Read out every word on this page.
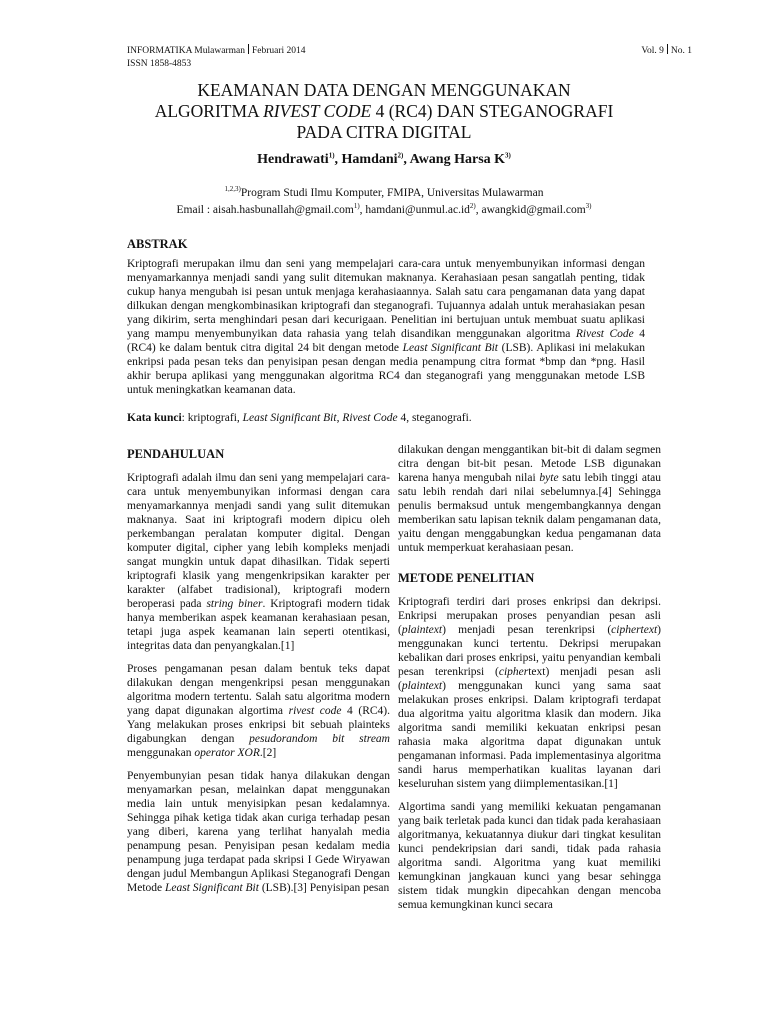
INFORMATIKA Mulawarman Februari 2014
ISSN 1858-4853
Vol. 9 No. 1
KEAMANAN DATA DENGAN MENGGUNAKAN
ALGORITMA RIVEST CODE 4 (RC4) DAN STEGANOGRAFI
PADA CITRA DIGITAL
Hendrawati$^{1)}$, Hamdani$^{2)}$, Awang Harsa $K^{3)}$
$^{1,2,3)}$Program Studi Ilmu Komputer, FMIPA, Universitas Mulawarman
Email : aisah.hasbunallah@gmail.com$^{1)}$, $hamdani@unmul.ac.id^{2)}$, awangkid@gmail.com$^{3)}$
ABSTRAK
Kriptografi merupakan ilmu dan seni yang mempelajari cara-cara untuk menyembunyikan informasi dengan menyamarkannya menjadi sandi yang sulit ditemukan maknanya. Kerahasiaan pesan sangatlah penting, tidak cukup hanya mengubah isi pesan untuk menjaga kerahasiaannya. Salah satu cara pengamanan data yang dapat dilkukan dengan mengkombinasikan kriptografi dan steganografi. Tujuannya adalah untuk merahasiakan pesan yang dikirim, serta menghindari pesan dari kecurigaan. Penelitian ini bertujuan untuk membuat suatu aplikasi yang mampu menyembunyikan data rahasia yang telah disandikan menggunakan algoritma Rivest Code 4 (RC4) ke dalam bentuk citra digital 24 bit dengan metode Least Significant Bit (LSB). Aplikasi ini melakukan enkripsi pada pesan teks dan penyisipan pesan dengan media penampung citra format *bmp dan *png. Hasil akhir berupa aplikasi yang menggunakan algoritma RC4 dan steganografi yang menggunakan metode LSB untuk meningkatkan keamanan data.
Kata kunci: kriptografi, Least Significant Bit, Rivest Code 4, steganografi.
PENDAHULUAN

Kriptografi adalah ilmu dan seni yang mempelajari cara-cara untuk menyembunyikan informasi dengan cara menyamarkannya menjadi sandi yang sulit ditemukan maknanya. Saat ini kriptografi modern dipicu oleh perkembangan peralatan komputer digital. Dengan komputer digital, cipher yang lebih kompleks menjadi sangat mungkin untuk dapat dihasilkan. Tidak seperti kriptografi klasik yang mengenkripsikan karakter per karakter (alfabet tradisional), kriptografi modern beroperasi pada string biner. Kriptografi modern tidak hanya memberikan aspek keamanan kerahasiaan pesan, tetapi juga aspek keamanan lain seperti otentikasi, integritas data dan penyangkalan.[1]

Proses pengamanan pesan dalam bentuk teks dapat dilakukan dengan mengenkripsi pesan menggunakan algoritma modern tertentu. Salah satu algoritma modern yang dapat digunakan algortima rivest code 4 (RC4). Yang melakukan proses enkripsi bit sebuah plainteks digabungkan dengan pesudorandom bit stream menggunakan operator XOR.[2]

Penyembunyian pesan tidak hanya dilakukan dengan menyamarkan pesan, melainkan dapat menggunakan media lain untuk menyisipkan pesan kedalamnya. Sehingga pihak ketiga tidak akan curiga terhadap pesan yang diberi, karena yang terlihat hanyalah media penampung pesan. Penyisipan pesan kedalam media penampung juga terdapat pada skripsi I Gede Wiryawan dengan judul Membangun Aplikasi Steganografi Dengan Metode Least Significant Bit (LSB).[3] Penyisipan pesan

dilakukan dengan menggantikan bit-bit di dalam segmen citra dengan bit-bit pesan. Metode LSB digunakan karena hanya mengubah nilai byte satu lebih tinggi atau satu lebih rendah dari nilai sebelumnya.[4] Sehingga penulis bermaksud untuk mengembangkannya dengan memberikan satu lapisan teknik dalam pengamanan data, yaitu dengan menggabungkan kedua pengamanan data untuk memperkuat kerahasiaan pesan.

METODE PENELITIAN

Kriptografi terdiri dari proses enkripsi dan dekripsi. Enkripsi merupakan proses penyandian pesan asli (plaintext) menjadi pesan terenkripsi (ciphertext) menggunakan kunci tertentu. Dekripsi merupakan kebalikan dari proses enkripsi, yaitu penyandian kembali pesan terenkripsi (ciphertext) menjadi pesan asli (plaintext) menggunakan kunci yang sama saat melakukan proses enkripsi. Dalam kriptografi terdapat dua algoritma yaitu algoritma klasik dan modern. Jika algoritma sandi memiliki kekuatan enkripsi pesan rahasia maka algoritma dapat digunakan untuk pengamanan informasi. Pada implementasinya algoritma sandi harus memperhatikan kualitas layanan dari keseluruhan sistem yang diimplementasikan.[1]

Algortima sandi yang memiliki kekuatan pengamanan yang baik terletak pada kunci dan tidak pada kerahasiaan algoritmanya, kekuatannya diukur dari tingkat kesulitan kunci pendekripsian dari sandi, tidak pada rahasia algoritma sandi. Algoritma yang kuat memiliki kemungkinan jangkauan kunci yang besar sehingga sistem tidak mungkin dipecahkan dengan mencoba semua kemungkinan kunci secara
